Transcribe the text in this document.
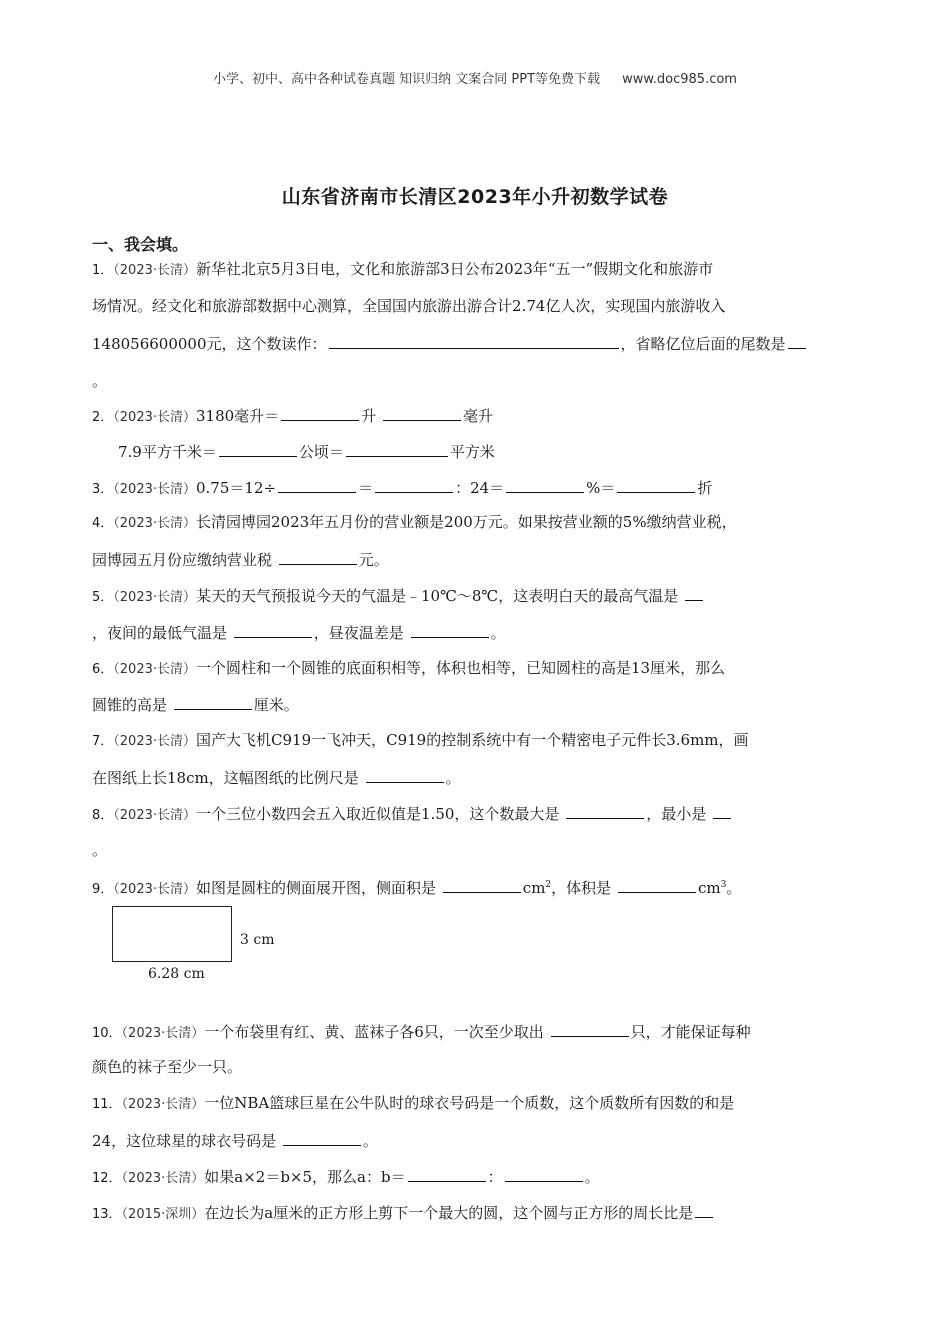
小学、初中、高中各种试卷真题 知识归纳 文案合同 PPT等免费下载 www.doc985.com
山东省济南市长清区2023年小升初数学试卷
一、我会填。
1．（2023·长清）新华社北京5月3日电，文化和旅游部3日公布2023年“五一”假期文化和旅游市
场情况。经文化和旅游部数据中心测算，全国国内旅游出游合计2.74亿人次，实现国内旅游收入
148056600000元，这个数读作：	，省略亿位后面的尾数是
。
2．（2023·长清）3180毫升＝	升	毫升
7.9平方千米＝	公顷＝	平方米
3．（2023·长清）0.75＝12÷	＝	：24＝	%＝	折
4．（2023·长清）长清园博园2023年五月份的营业额是200万元。如果按营业额的5%缴纳营业税，
园博园五月份应缴纳营业税	元。
5．（2023·长清）某天的天气预报说今天的气温是﹣10℃～8℃，这表明白天的最高气温是
，夜间的最低气温是	，昼夜温差是	。
6．（2023·长清）一个圆柱和一个圆锥的底面积相等，体积也相等，已知圆柱的高是13厘米，那么
圆锥的高是	厘米。
7．（2023·长清）国产大飞机C919一飞冲天，C919的控制系统中有一个精密电子元件长3.6mm，画
在图纸上长18cm，这幅图纸的比例尺是	。
8．（2023·长清）一个三位小数四会五入取近似值是1.50，这个数最大是	，最小是
。
9．（2023·长清）如图是圆柱的侧面展开图，侧面积是	$cm^2$，体积是	$cm^3$。
3 cm
6.28 cm
10．（2023·长清）一个布袋里有红、黄、蓝袜子各6只，一次至少取出	只，才能保证每种
颜色的袜子至少一只。
11．（2023·长清）一位NBA篮球巨星在公牛队时的球衣号码是一个质数，这个质数所有因数的和是
24，这位球星的球衣号码是	。
12．（2023·长清）如果a×2＝b×5，那么a：b＝	：	。
13．（2015·深圳）在边长为a厘米的正方形上剪下一个最大的圆，这个圆与正方形的周长比是
